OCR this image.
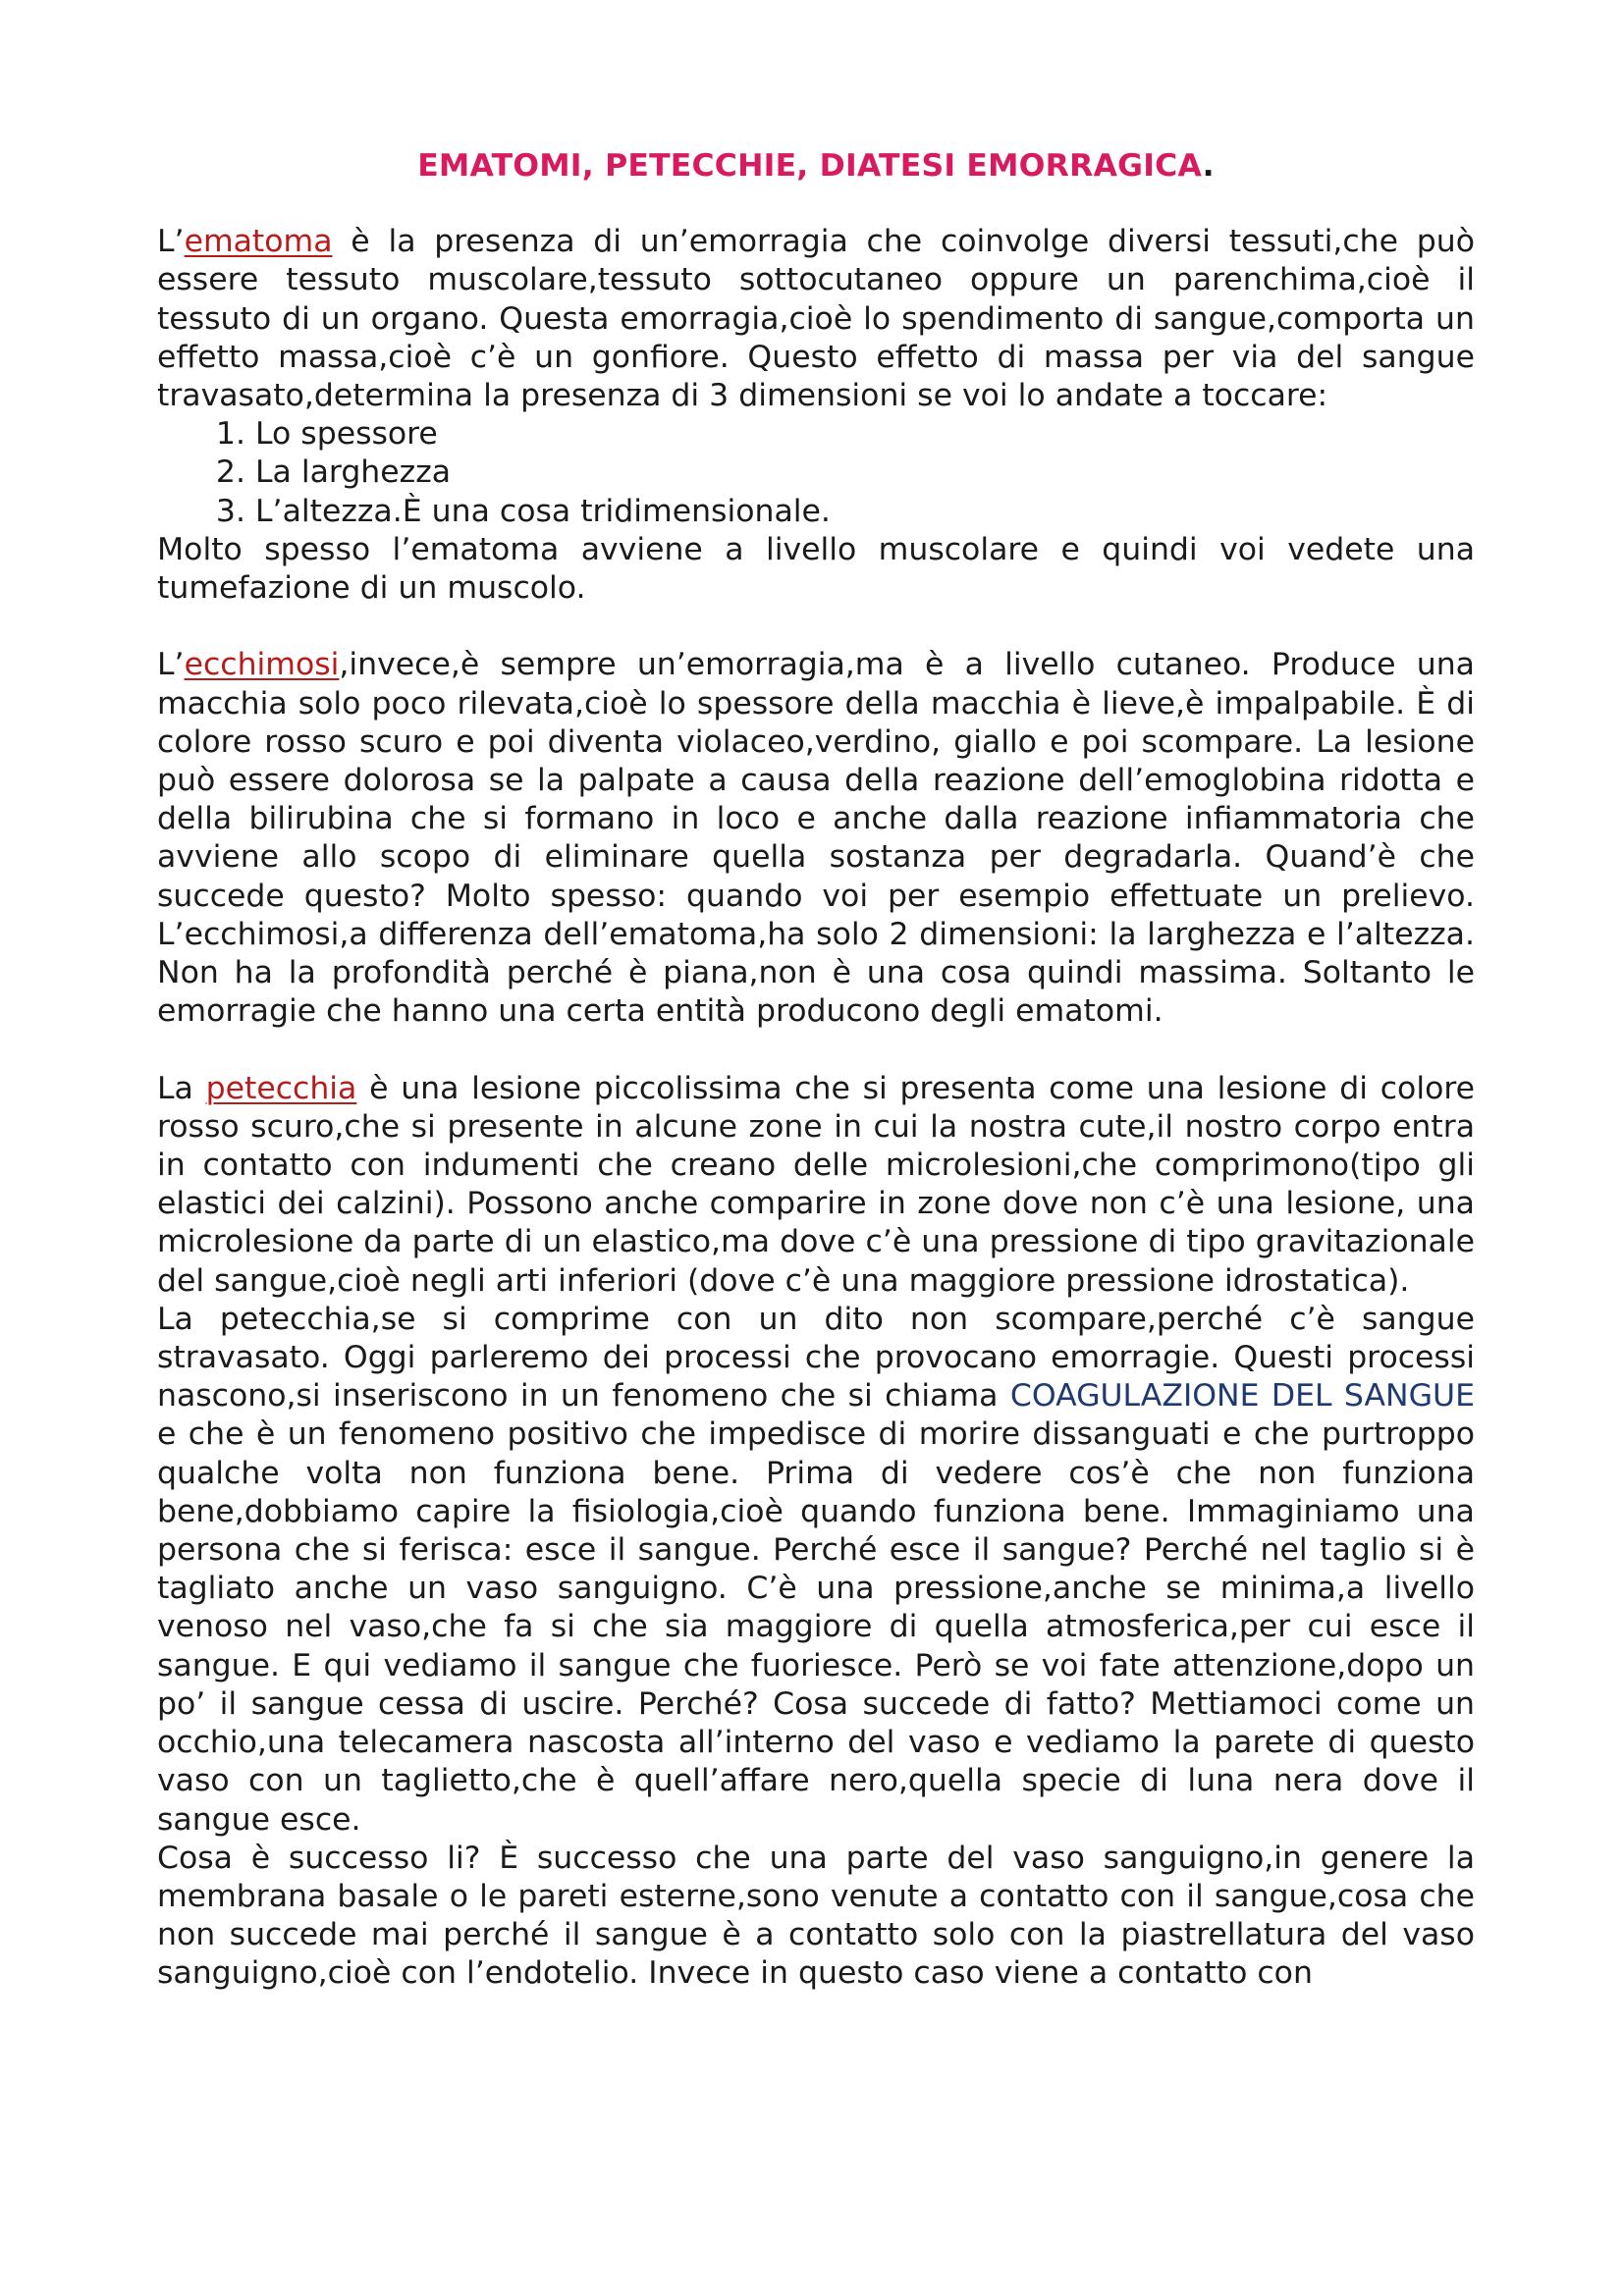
EMATOMI, PETECCHIE, DIATESI EMORRAGICA.

L’ematoma è la presenza di un’emorragia che coinvolge diversi tessuti,che può essere tessuto muscolare,tessuto sottocutaneo oppure un parenchima,cioè il tessuto di un organo. Questa emorragia,cioè lo spendimento di sangue,comporta un effetto massa,cioè c’è un gonfiore. Questo effetto di massa per via del sangue travasato,determina la presenza di 3 dimensioni se voi lo andate a toccare:

1. Lo spessore
2. La larghezza
3. L’altezza.È una cosa tridimensionale.

Molto spesso l’ematoma avviene a livello muscolare e quindi voi vedete una tumefazione di un muscolo.

L’ecchimosi,invece,è sempre un’emorragia,ma è a livello cutaneo. Produce una macchia solo poco rilevata,cioè lo spessore della macchia è lieve,è impalpabile. È di colore rosso scuro e poi diventa violaceo,verdino, giallo e poi scompare. La lesione può essere dolorosa se la palpate a causa della reazione dell’emoglobina ridotta e della bilirubina che si formano in loco e anche dalla reazione infiammatoria che avviene allo scopo di eliminare quella sostanza per degradarla. Quand’è che succede questo? Molto spesso: quando voi per esempio effettuate un prelievo. L’ecchimosi,a differenza dell’ematoma,ha solo 2 dimensioni: la larghezza e l’altezza. Non ha la profondità perché è piana,non è una cosa quindi massima. Soltanto le emorragie che hanno una certa entità producono degli ematomi.

La petecchia è una lesione piccolissima che si presenta come una lesione di colore rosso scuro,che si presente in alcune zone in cui la nostra cute,il nostro corpo entra in contatto con indumenti che creano delle microlesioni,che comprimono(tipo gli elastici dei calzini). Possono anche comparire in zone dove non c’è una lesione, una microlesione da parte di un elastico,ma dove c’è una pressione di tipo gravitazionale del sangue,cioè negli arti inferiori (dove c’è una maggiore pressione idrostatica).

La petecchia,se si comprime con un dito non scompare,perché c’è sangue stravasato. Oggi parleremo dei processi che provocano emorragie. Questi processi nascono,si inseriscono in un fenomeno che si chiama COAGULAZIONE DEL SANGUE e che è un fenomeno positivo che impedisce di morire dissanguati e che purtroppo qualche volta non funziona bene. Prima di vedere cos’è che non funziona bene,dobbiamo capire la fisiologia,cioè quando funziona bene. Immaginiamo una persona che si ferisca: esce il sangue. Perché esce il sangue? Perché nel taglio si è tagliato anche un vaso sanguigno. C’è una pressione,anche se minima,a livello venoso nel vaso,che fa si che sia maggiore di quella atmosferica,per cui esce il sangue. E qui vediamo il sangue che fuoriesce. Però se voi fate attenzione,dopo un po’ il sangue cessa di uscire. Perché? Cosa succede di fatto? Mettiamoci come un occhio,una telecamera nascosta all’interno del vaso e vediamo la parete di questo vaso con un taglietto,che è quell’affare nero,quella specie di luna nera dove il sangue esce.

Cosa è successo li? È successo che una parte del vaso sanguigno,in genere la membrana basale o le pareti esterne,sono venute a contatto con il sangue,cosa che non succede mai perché il sangue è a contatto solo con la piastrellatura del vaso sanguigno,cioè con l’endotelio. Invece in questo caso viene a contatto con
